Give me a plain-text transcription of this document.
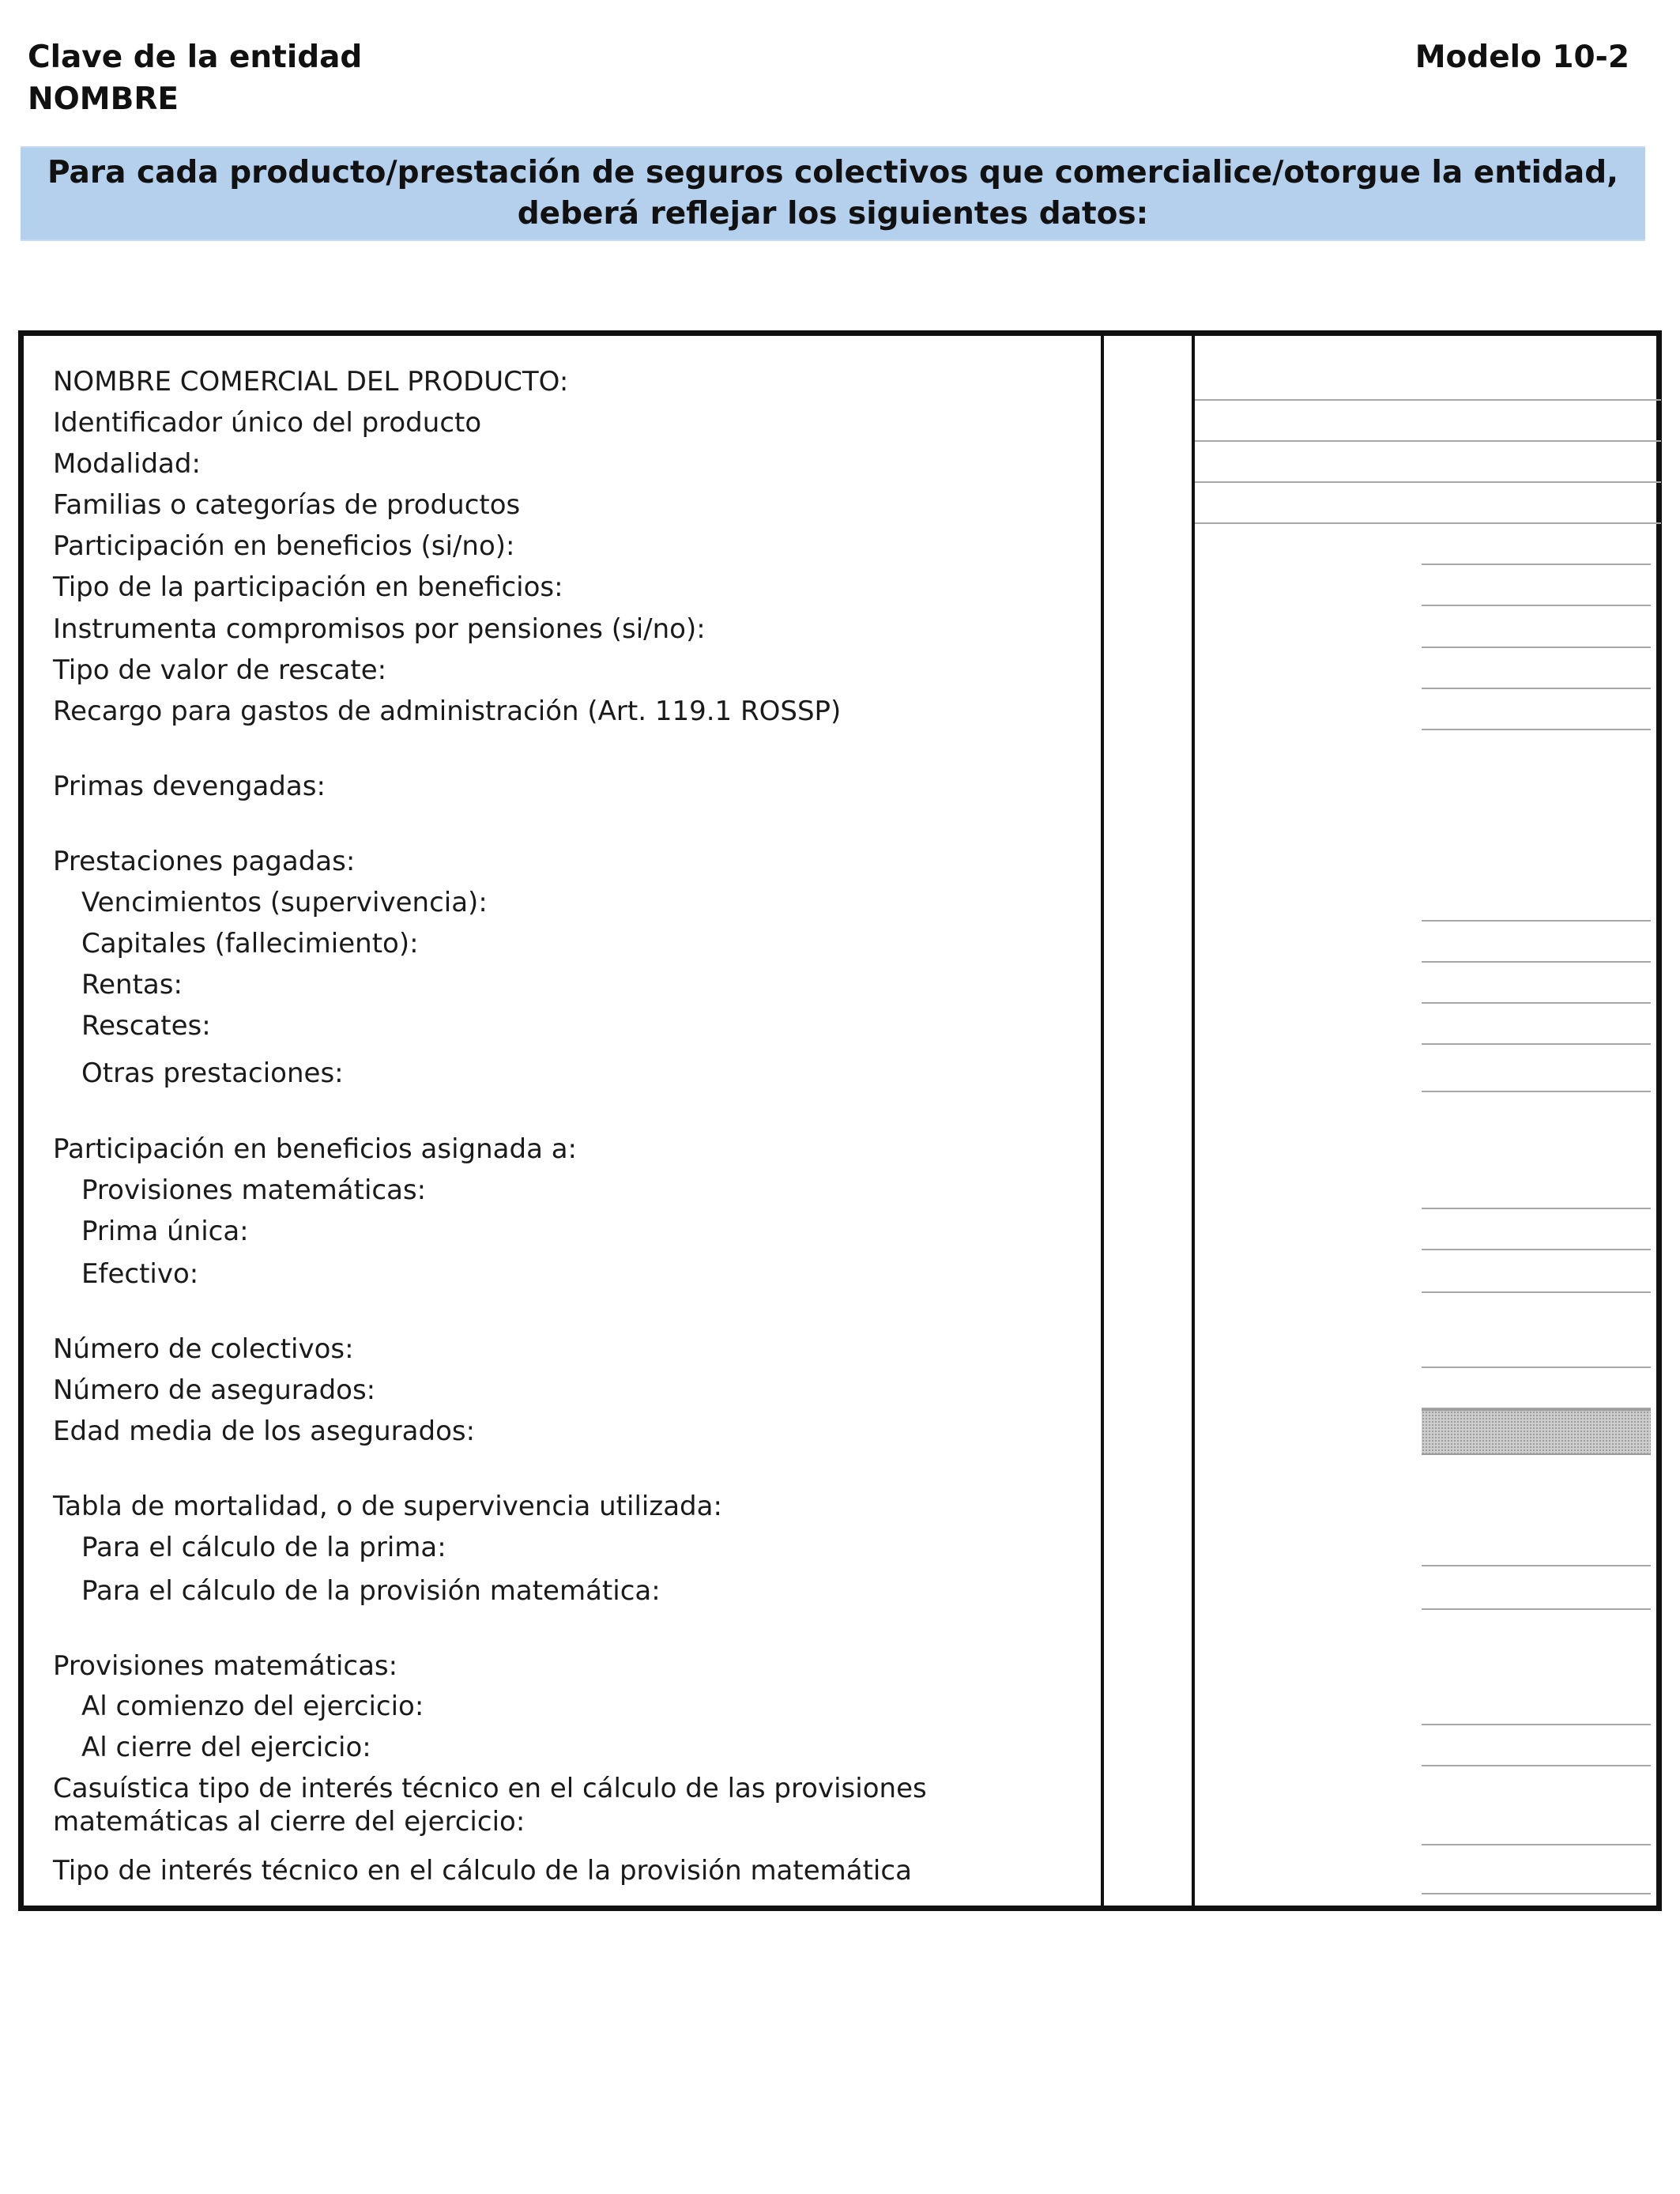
Clave de la entidad
NOMBRE
Modelo 10-2
Para cada producto/prestación de seguros colectivos que comercialice/otorgue la entidad,
deberá reflejar los siguientes datos:
NOMBRE COMERCIAL DEL PRODUCTO:
Identificador único del producto
Modalidad:
Familias o categorías de productos
Participación en beneficios (si/no):
Tipo de la participación en beneficios:
Instrumenta compromisos por pensiones (si/no):
Tipo de valor de rescate:
Recargo para gastos de administración (Art. 119.1 ROSSP)
Primas devengadas:
Prestaciones pagadas:
Vencimientos (supervivencia):
Capitales (fallecimiento):
Rentas:
Rescates:
Otras prestaciones:
Participación en beneficios asignada a:
Provisiones matemáticas:
Prima única:
Efectivo:
Número de colectivos:
Número de asegurados:
Edad media de los asegurados:
Tabla de mortalidad, o de supervivencia utilizada:
Para el cálculo de la prima:
Para el cálculo de la provisión matemática:
Provisiones matemáticas:
Al comienzo del ejercicio:
Al cierre del ejercicio:
Casuística tipo de interés técnico en el cálculo de las provisiones
matemáticas al cierre del ejercicio:
Tipo de interés técnico en el cálculo de la provisión matemática
